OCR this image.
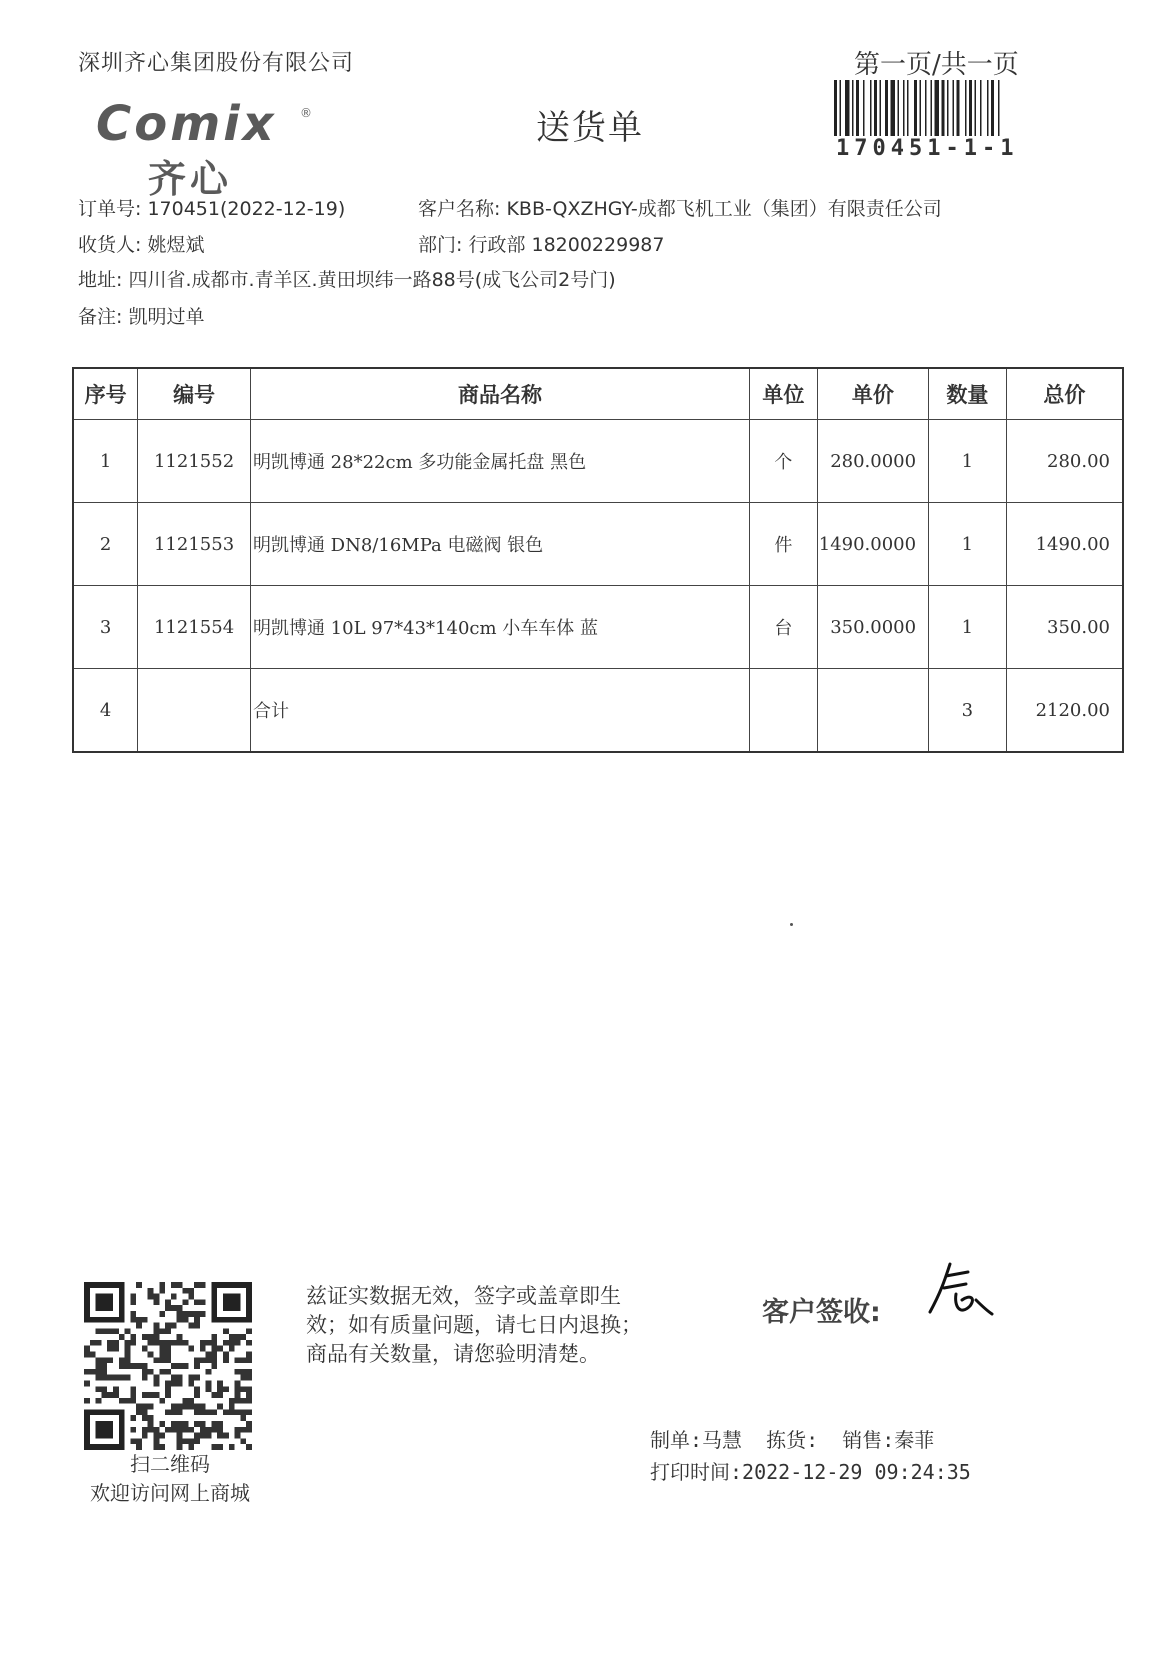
深圳齐心集团股份有限公司	第一页/共一页
送货单
Comix	®
齐心
170451-1-1
订单号: 170451(2022-12-19)	客户名称: KBB-QXZHGY-成都飞机工业（集团）有限责任公司
收货人: 姚煜斌	部门: 行政部 18200229987
地址: 四川省.成都市.青羊区.黄田坝纬一路88号(成飞公司2号门)
备注: 凯明过单
序号	编号	商品名称	单位	单价	数量	总价
1	1121552	明凯博通 28*22cm 多功能金属托盘 黑色	个	280.0000	1	280.00
2	1121553	明凯博通 DN8/16MPa 电磁阀 银色	件	1490.0000	1	1490.00
3	1121554	明凯博通 10L 97*43*140cm 小车车体 蓝	台	350.0000	1	350.00
4		合计			3	2120.00
扫二维码
欢迎访问网上商城
兹证实数据无效，签字或盖章即生
效；如有质量问题，请七日内退换；
商品有关数量，请您验明清楚。
客户签收:
制单:马慧  拣货:  销售:秦菲
打印时间:2022-12-29 09:24:35
